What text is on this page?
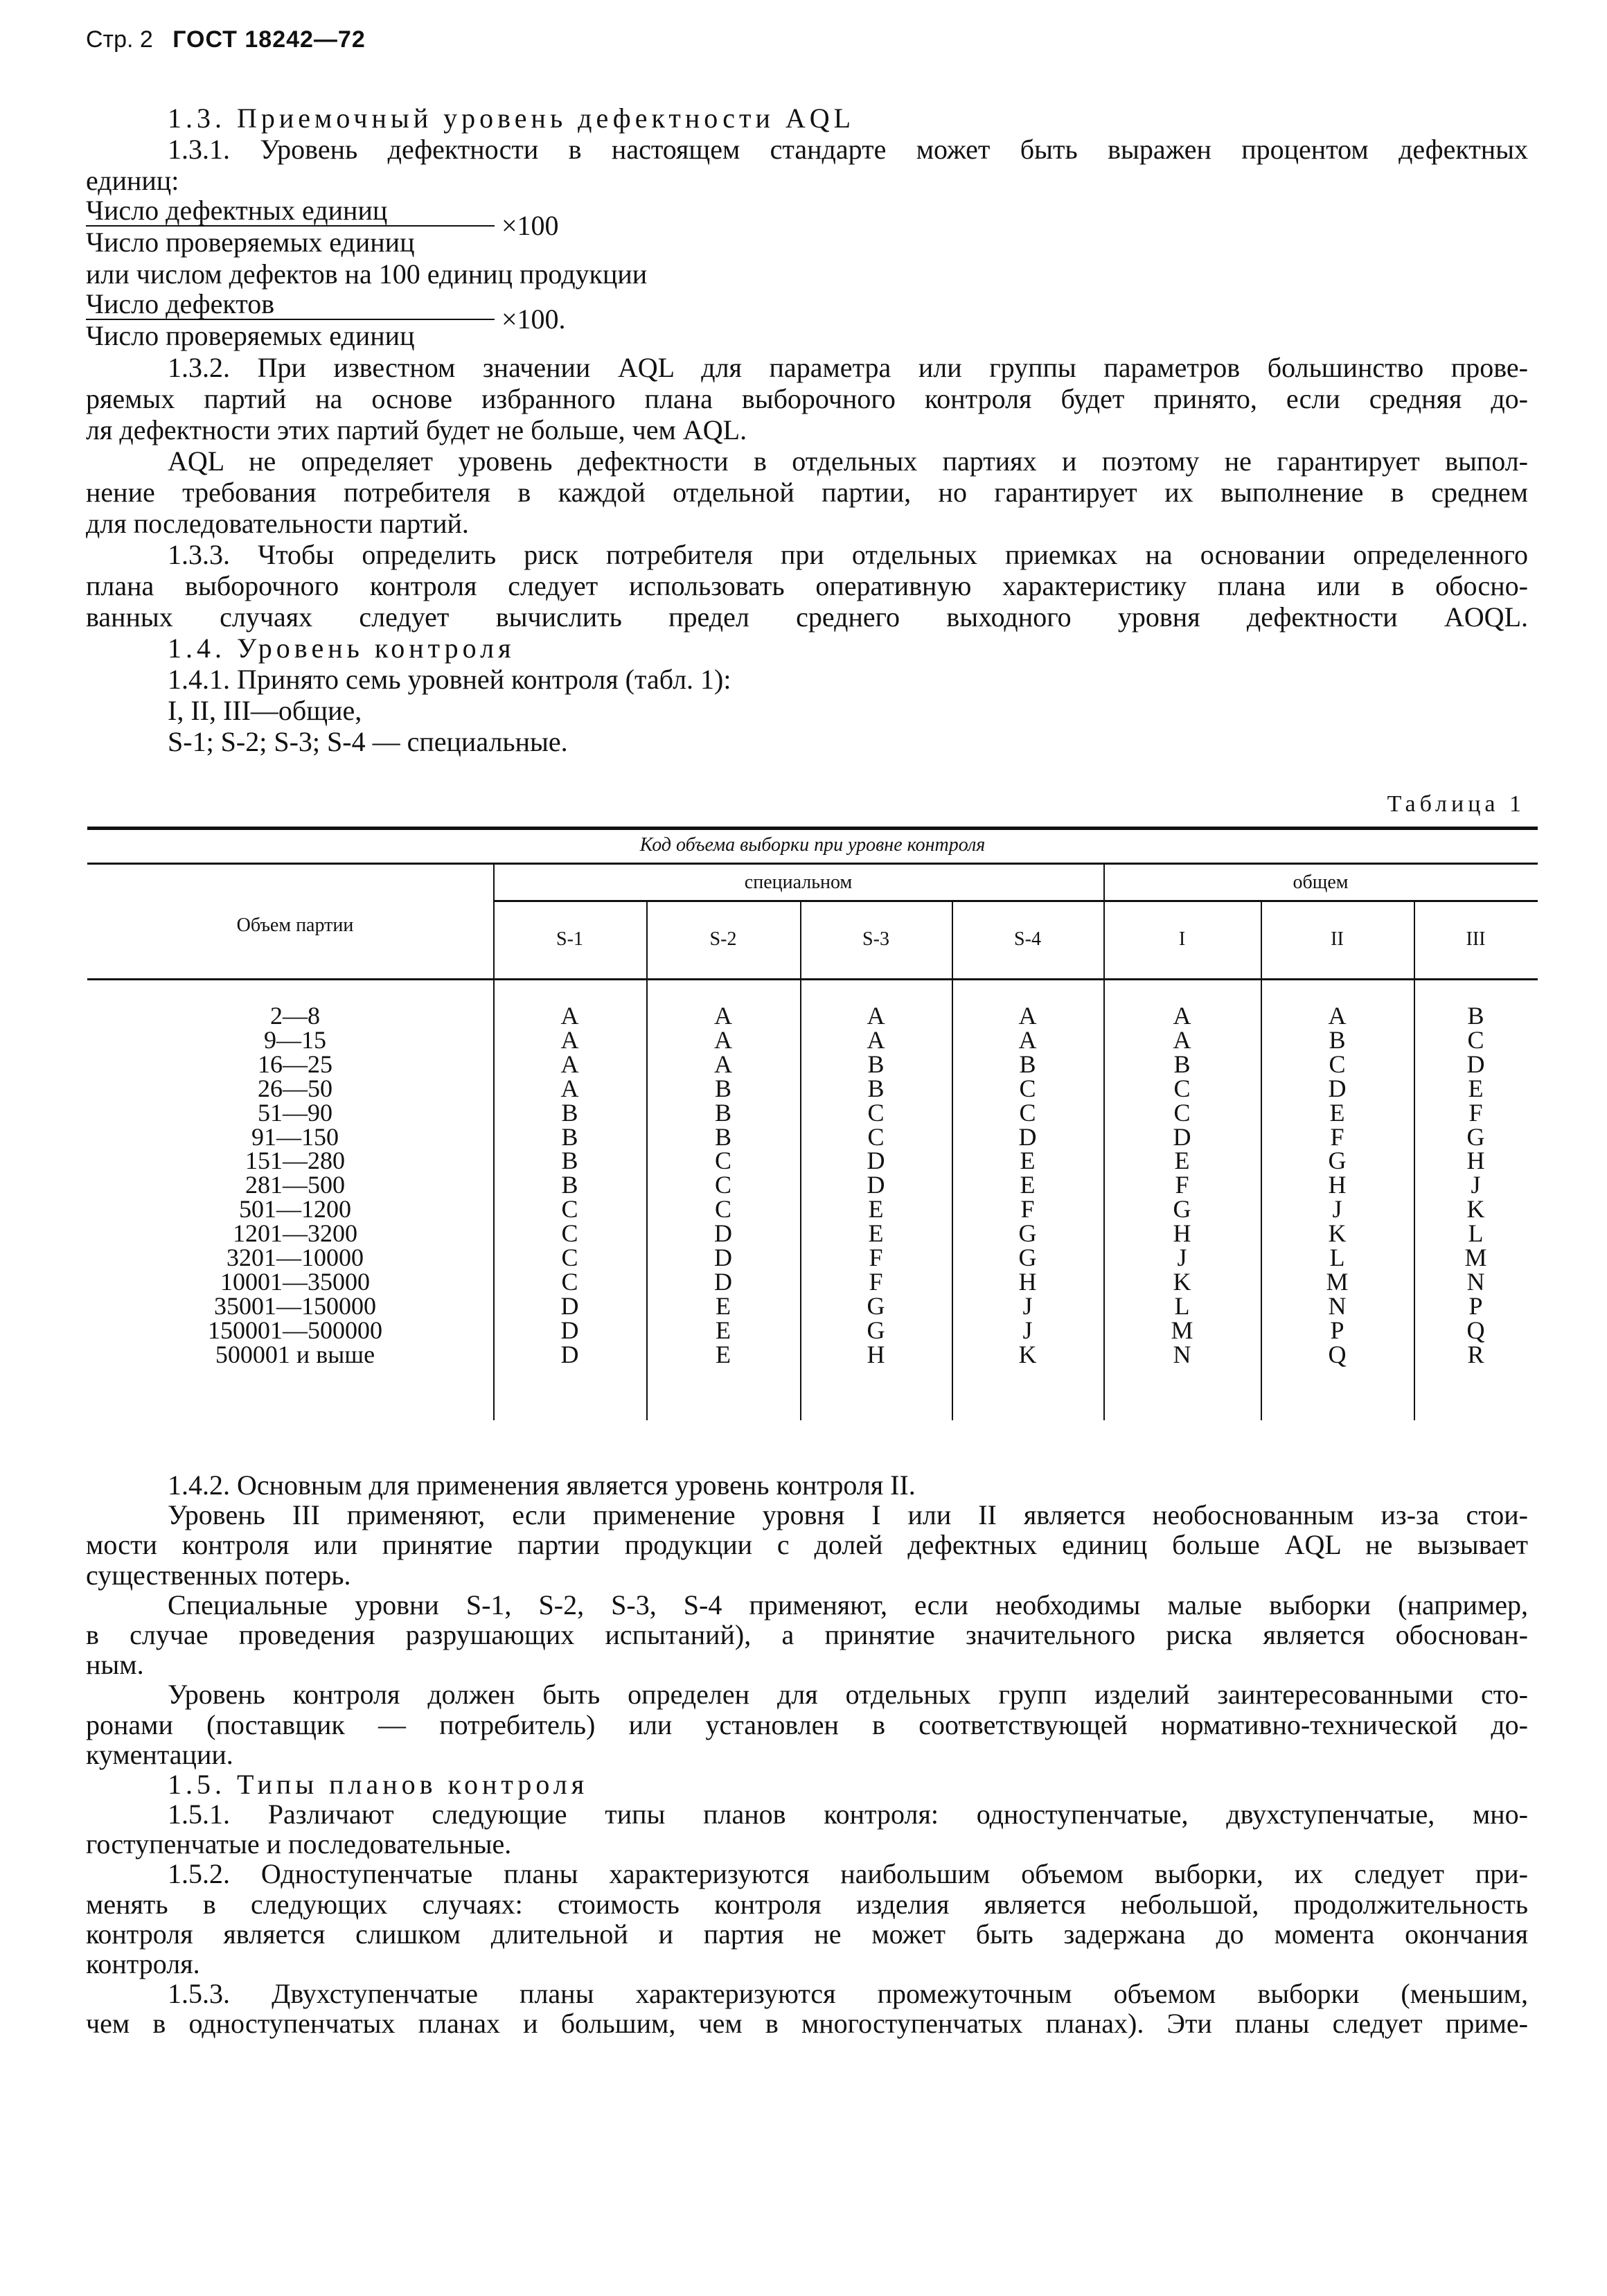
Стр. 2 ГОСТ 18242—72
1.3. Приемочный уровень дефектности AQL
1.3.1. Уровень дефектности в настоящем стандарте может быть выражен процентом дефектных
единиц:
Число дефектных единиц
Число проверяемых единиц
×100
или числом дефектов на 100 единиц продукции
Число дефектов
Число проверяемых единиц
×100.
1.3.2. При известном значении AQL для параметра или группы параметров большинство прове-
ряемых партий на основе избранного плана выборочного контроля будет принято, если средняя до-
ля дефектности этих партий будет не больше, чем AQL.
AQL не определяет уровень дефектности в отдельных партиях и поэтому не гарантирует выпол-
нение требования потребителя в каждой отдельной партии, но гарантирует их выполнение в среднем
для последовательности партий.
1.3.3. Чтобы определить риск потребителя при отдельных приемках на основании определенного
плана выборочного контроля следует использовать оперативную характеристику плана или в обосно-
ванных случаях следует вычислить предел среднего выходного уровня дефектности AOQL.
1.4. Уровень контроля
1.4.1. Принято семь уровней контроля (табл. 1):
I, II, III—общие,
S-1; S-2; S-3; S-4 — специальные.
Таблица 1
Код объема выборки при уровне контроля
Объем партии
специальном	общем
S-1	S-2	S-3	S-4	I	II	III
2—8	A	A	A	A	A	A	B
9—15	A	A	A	A	A	B	C
16—25	A	A	B	B	B	C	D
26—50	A	B	B	C	C	D	E
51—90	B	B	C	C	C	E	F
91—150	B	B	C	D	D	F	G
151—280	B	C	D	E	E	G	H
281—500	B	C	D	E	F	H	J
501—1200	C	C	E	F	G	J	K
1201—3200	C	D	E	G	H	K	L
3201—10000	C	D	F	G	J	L	M
10001—35000	C	D	F	H	K	M	N
35001—150000	D	E	G	J	L	N	P
150001—500000	D	E	G	J	M	P	Q
500001 и выше	D	E	H	K	N	Q	R
1.4.2. Основным для применения является уровень контроля II.
Уровень III применяют, если применение уровня I или II является необоснованным из-за стои-
мости контроля или принятие партии продукции с долей дефектных единиц больше AQL не вызывает
существенных потерь.
Специальные уровни S-1, S-2, S-3, S-4 применяют, если необходимы малые выборки (например,
в случае проведения разрушающих испытаний), а принятие значительного риска является обоснован-
ным.
Уровень контроля должен быть определен для отдельных групп изделий заинтересованными сто-
ронами (поставщик — потребитель) или установлен в соответствующей нормативно-технической до-
кументации.
1.5. Типы планов контроля
1.5.1. Различают следующие типы планов контроля: одноступенчатые, двухступенчатые, мно-
гоступенчатые и последовательные.
1.5.2. Одноступенчатые планы характеризуются наибольшим объемом выборки, их следует при-
менять в следующих случаях: стоимость контроля изделия является небольшой, продолжительность
контроля является слишком длительной и партия не может быть задержана до момента окончания
контроля.
1.5.3. Двухступенчатые планы характеризуются промежуточным объемом выборки (меньшим,
чем в одноступенчатых планах и большим, чем в многоступенчатых планах). Эти планы следует приме-
